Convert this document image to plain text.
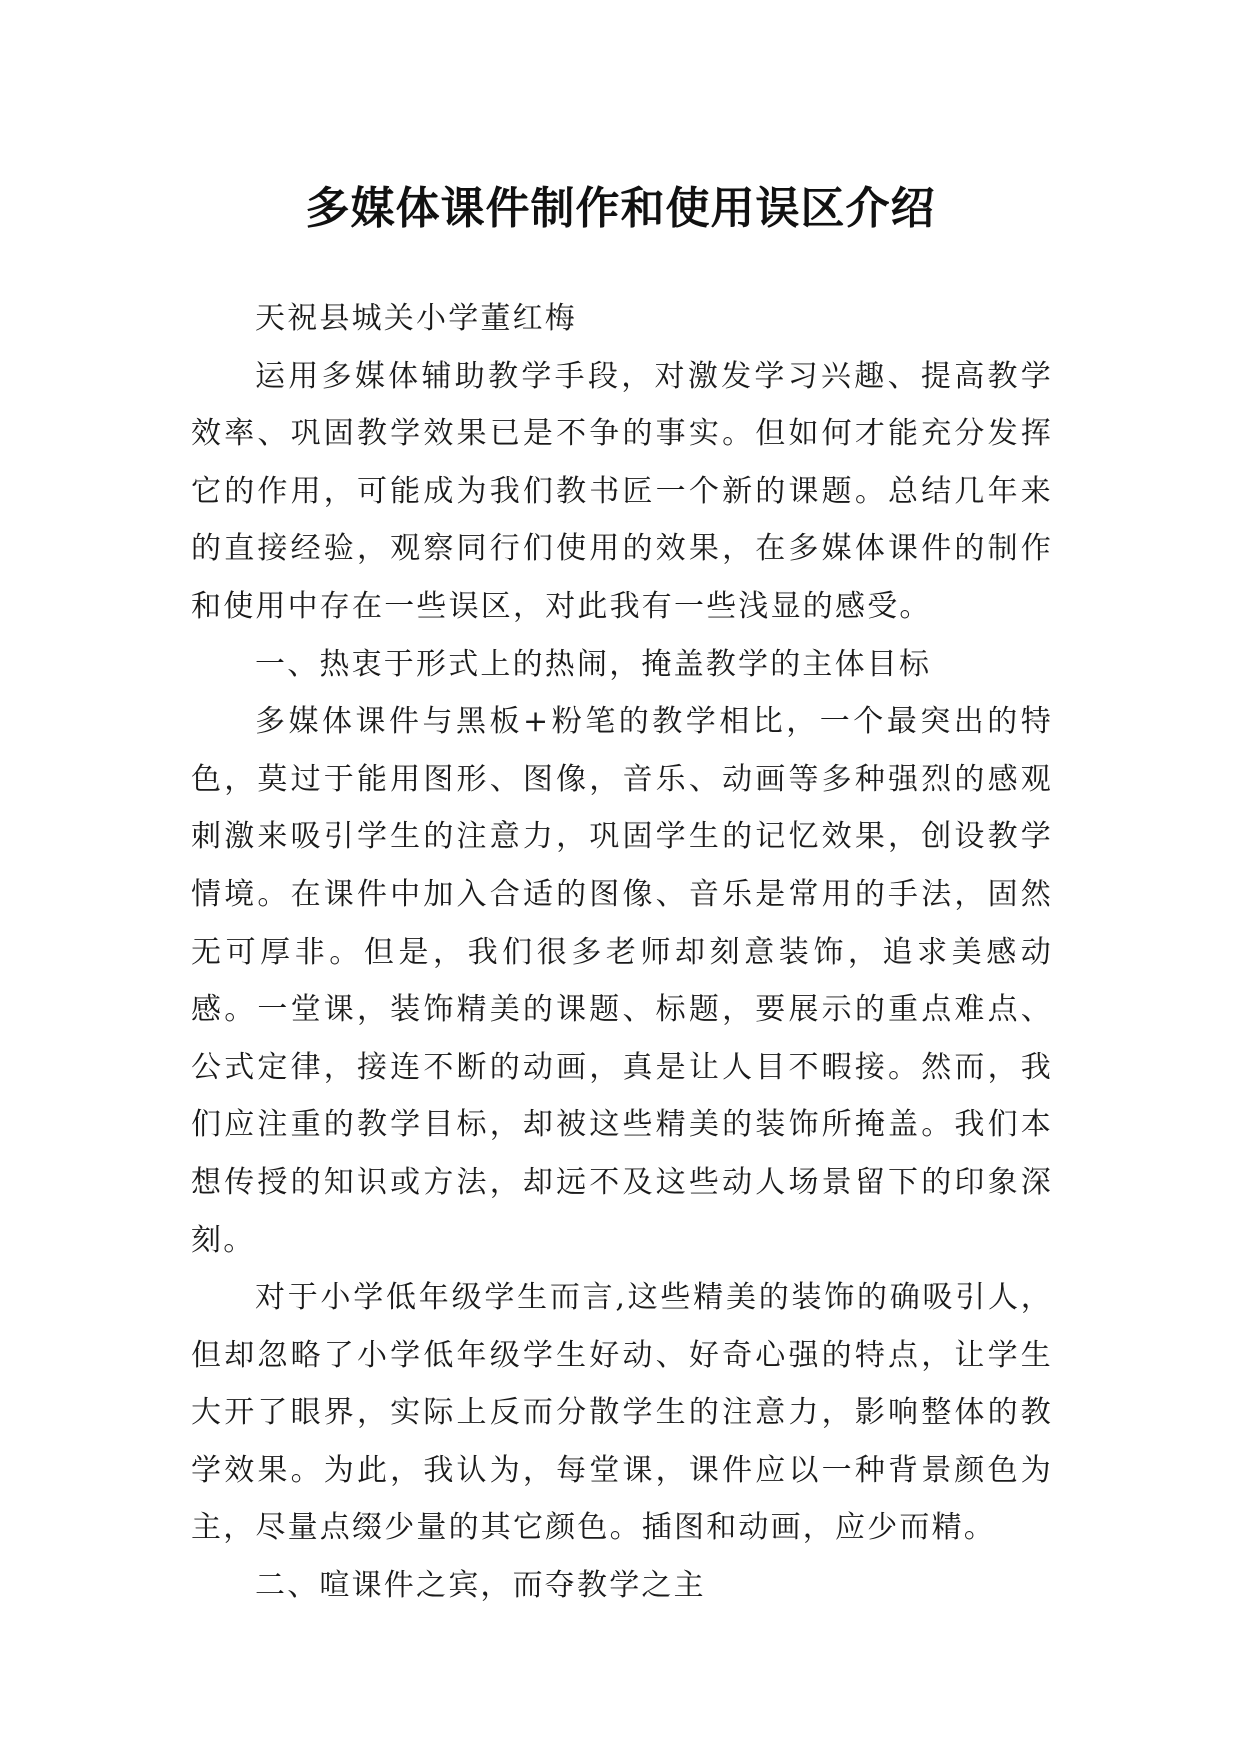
多媒体课件制作和使用误区介绍

天祝县城关小学董红梅

运用多媒体辅助教学手段，对激发学习兴趣、提高教学效率、巩固教学效果已是不争的事实。但如何才能充分发挥它的作用，可能成为我们教书匠一个新的课题。总结几年来的直接经验，观察同行们使用的效果，在多媒体课件的制作和使用中存在一些误区，对此我有一些浅显的感受。

一、热衷于形式上的热闹，掩盖教学的主体目标

多媒体课件与黑板+粉笔的教学相比，一个最突出的特色，莫过于能用图形、图像，音乐、动画等多种强烈的感观刺激来吸引学生的注意力，巩固学生的记忆效果，创设教学情境。在课件中加入合适的图像、音乐是常用的手法，固然无可厚非。但是，我们很多老师却刻意装饰，追求美感动感。一堂课，装饰精美的课题、标题，要展示的重点难点、公式定律，接连不断的动画，真是让人目不暇接。然而，我们应注重的教学目标，却被这些精美的装饰所掩盖。我们本想传授的知识或方法，却远不及这些动人场景留下的印象深刻。

对于小学低年级学生而言,这些精美的装饰的确吸引人，但却忽略了小学低年级学生好动、好奇心强的特点，让学生大开了眼界，实际上反而分散学生的注意力，影响整体的教学效果。为此，我认为，每堂课，课件应以一种背景颜色为主，尽量点缀少量的其它颜色。插图和动画，应少而精。

二、喧课件之宾，而夺教学之主
